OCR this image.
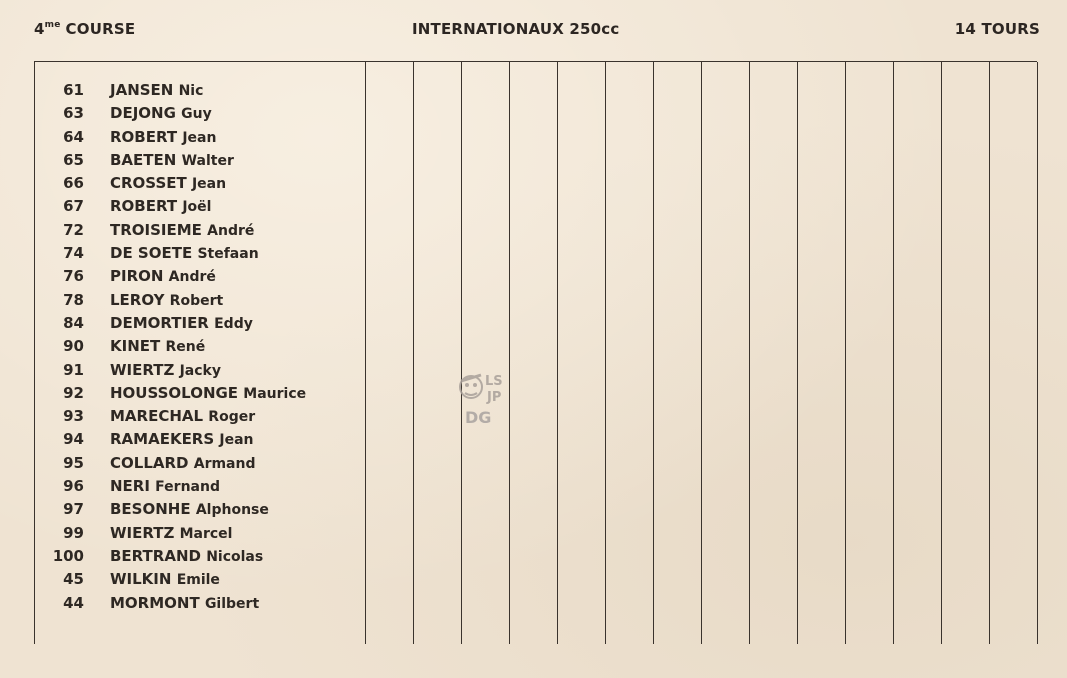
$4^{me}$ COURSE	INTERNATIONAUX 250cc	14 TOURS
61 JANSEN Nic
63 DEJONG Guy
64 ROBERT Jean
65 BAETEN Walter
66 CROSSET Jean
67 ROBERT Joël
72 TROISIEME André
74 DE SOETE Stefaan
76 PIRON André
78 LEROY Robert
84 DEMORTIER Eddy
90 KINET René
91 WIERTZ Jacky
92 HOUSSOLONGE Maurice
93 MARECHAL Roger
94 RAMAEKERS Jean
95 COLLARD Armand
96 NERI Fernand
97 BESONHE Alphonse
99 WIERTZ Marcel
100 BERTRAND Nicolas
45 WILKIN Emile
44 MORMONT Gilbert
LS
JP
DG
